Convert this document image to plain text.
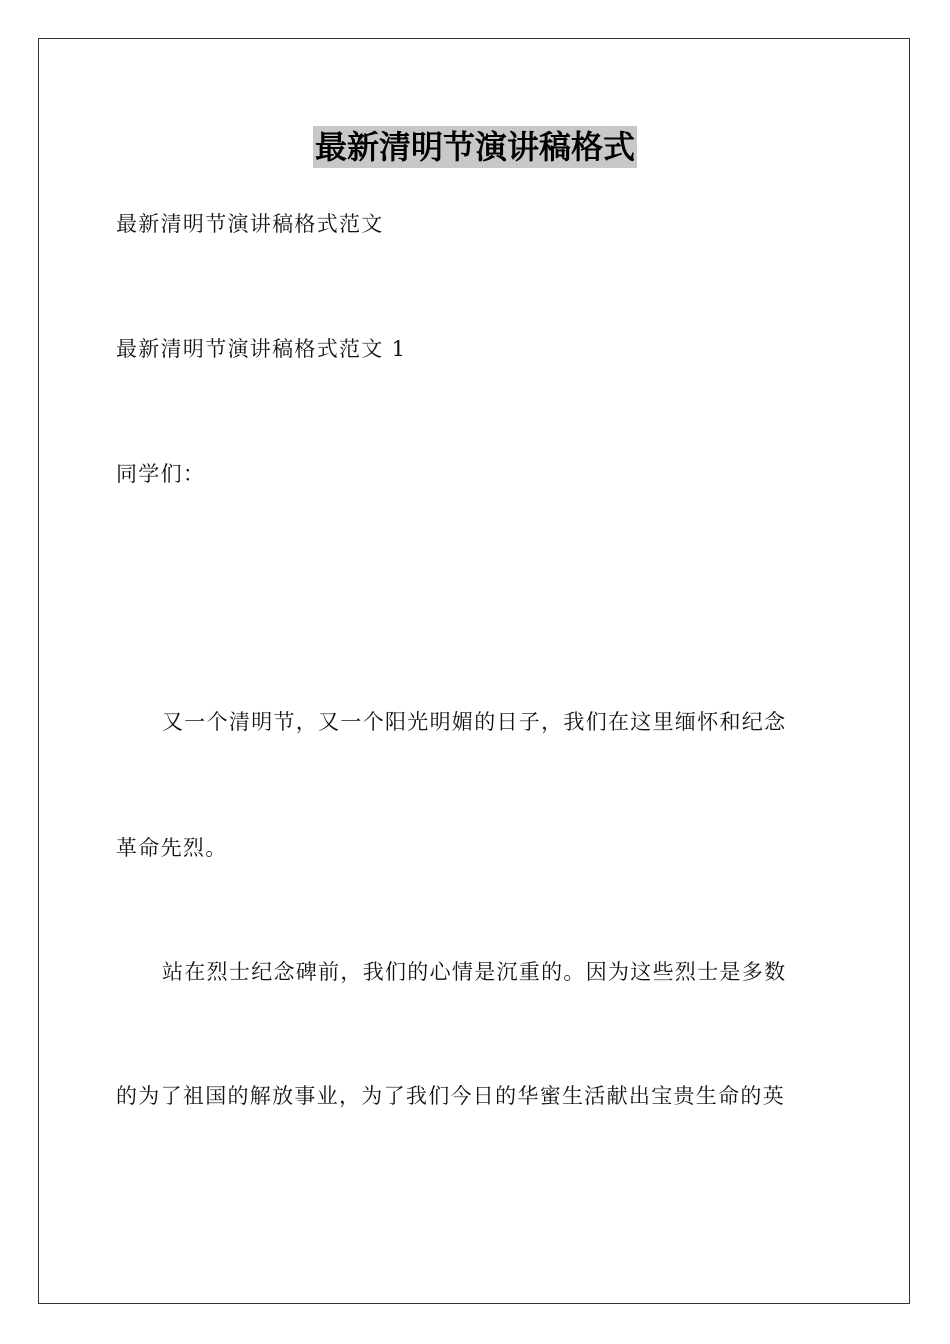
最新清明节演讲稿格式
最新清明节演讲稿格式范文
最新清明节演讲稿格式范文 1
同学们：
又一个清明节，又一个阳光明媚的日子，我们在这里缅怀和纪念
革命先烈。
站在烈士纪念碑前，我们的心情是沉重的。因为这些烈士是多数
的为了祖国的解放事业，为了我们今日的华蜜生活献出宝贵生命的英
